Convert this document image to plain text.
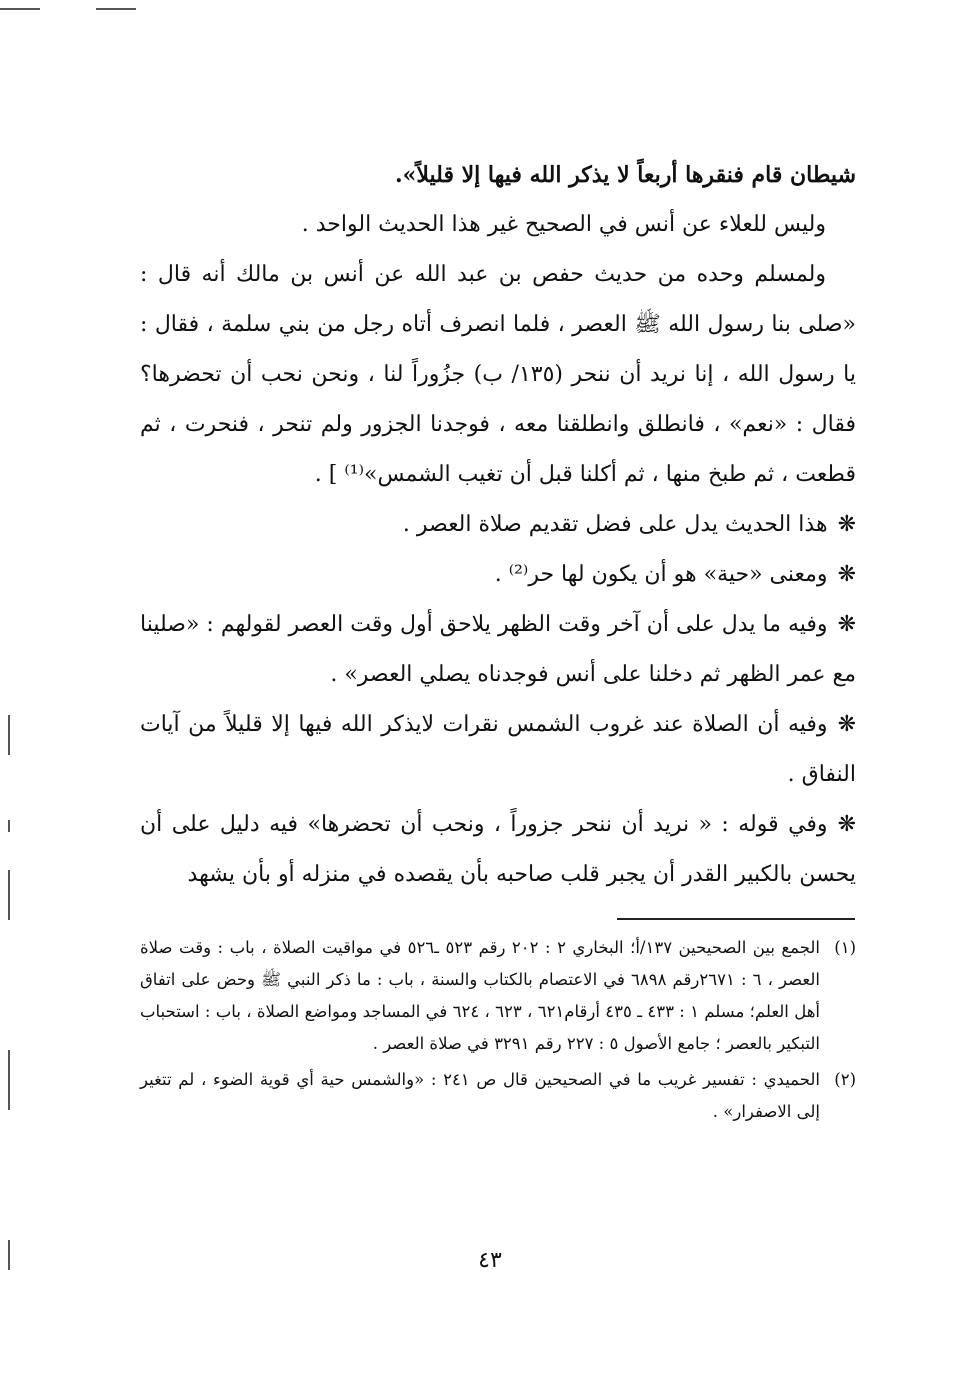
شيطان قام فنقرها أربعاً لا يذكر الله فيها إلا قليلاً».

وليس للعلاء عن أنس في الصحيح غير هذا الحديث الواحد .

ولمسلم وحده من حديث حفص بن عبد الله عن أنس بن مالك أنه قال : «صلى بنا رسول الله ﷺ العصر ، فلما انصرف أتاه رجل من بني سلمة ، فقال : يا رسول الله ، إنا نريد أن ننحر (١٣٥/ ب) جزُوراً لنا ، ونحن نحب أن تحضرها؟ فقال : «نعم» ، فانطلق وانطلقنا معه ، فوجدنا الجزور ولم تنحر ، فنحرت ، ثم قطعت ، ثم طبخ منها ، ثم أكلنا قبل أن تغيب الشمس»⁽¹⁾ ] .

❋هذا الحديث يدل على فضل تقديم صلاة العصر .

❋ومعنى «حية» هو أن يكون لها حر⁽²⁾ .

❋وفيه ما يدل على أن آخر وقت الظهر يلاحق أول وقت العصر لقولهم : «صلينا مع عمر الظهر ثم دخلنا على أنس فوجدناه يصلي العصر» .

❋وفيه أن الصلاة عند غروب الشمس نقرات لايذكر الله فيها إلا قليلاً من آيات النفاق .

❋وفي قوله : « نريد أن ننحر جزوراً ، ونحب أن تحضرها» فيه دليل على أن يحسن بالكبير القدر أن يجبر قلب صاحبه بأن يقصده في منزله أو بأن يشهد

(١)
الجمع بين الصحيحين ١٣٧/أ؛ البخاري ٢ : ٢٠٢ رقم ٥٢٣ ـ٥٢٦ في مواقيت الصلاة ، باب : وقت صلاة العصر ، ٦ : ٢٦٧١رقم ٦٨٩٨ في الاعتصام بالكتاب والسنة ، باب : ما ذكر النبي ﷺ وحض على اتفاق أهل العلم؛ مسلم ١ : ٤٣٣ ـ ٤٣٥ أرقام٦٢١ ، ٦٢٣ ، ٦٢٤ في المساجد ومواضع الصلاة ، باب : استحباب التبكير بالعصر ؛ جامع الأصول ٥ : ٢٢٧ رقم ٣٢٩١ في صلاة العصر .
(٢)
الحميدي : تفسير غريب ما في الصحيحين قال ص ٢٤١ : «والشمس حية أي قوية الضوء ، لم تتغير إلى الاصفرار» .
٤٣
